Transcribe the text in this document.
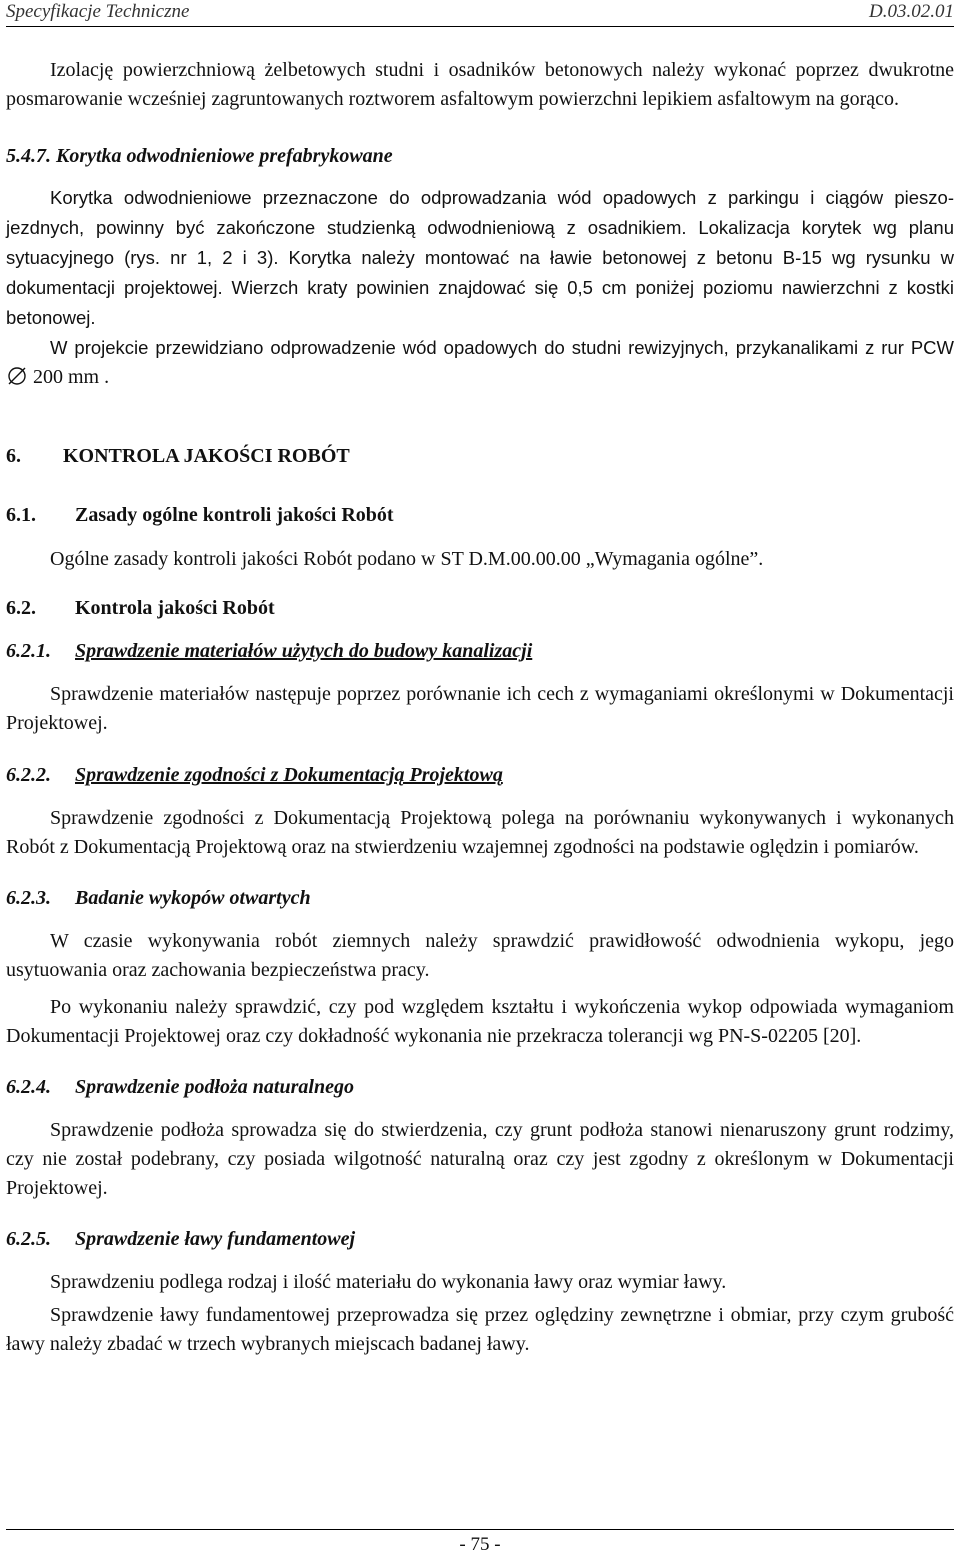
Specyfikacje Techniczne	D.03.02.01

Izolację powierzchniową żelbetowych studni i osadników betonowych należy wykonać poprzez dwukrotne posmarowanie wcześniej zagruntowanych roztworem asfaltowym powierzchni lepikiem asfaltowym na gorąco.

5.4.7. Korytka odwodnieniowe prefabrykowane

Korytka odwodnieniowe przeznaczone do odprowadzania wód opadowych z parkingu i ciągów pieszo-jezdnych, powinny być zakończone studzienką odwodnieniową z osadnikiem. Lokalizacja korytek wg planu sytuacyjnego (rys. nr 1, 2 i 3). Korytka należy montować na ławie betonowej z betonu B-15 wg rysunku w dokumentacji projektowej. Wierzch kraty powinien znajdować się 0,5 cm poniżej poziomu nawierzchni z kostki betonowej.

W projekcie przewidziano odprowadzenie wód opadowych do studni rewizyjnych, przykanalikami z rur PCW  200 mm .

6. KONTROLA JAKOŚCI ROBÓT

6.1. Zasady ogólne kontroli jakości Robót

Ogólne zasady kontroli jakości Robót podano w ST D.M.00.00.00 „Wymagania ogólne”.

6.2. Kontrola jakości Robót

6.2.1. Sprawdzenie materiałów użytych do budowy kanalizacji

Sprawdzenie materiałów następuje poprzez porównanie ich cech z wymaganiami określonymi w Dokumentacji Projektowej.

6.2.2. Sprawdzenie zgodności z Dokumentacją Projektową

Sprawdzenie zgodności z Dokumentacją Projektową polega na porównaniu wykonywanych i wykonanych Robót z Dokumentacją Projektową oraz na stwierdzeniu wzajemnej zgodności na podstawie oględzin i pomiarów.

6.2.3. Badanie wykopów otwartych

W czasie wykonywania robót ziemnych należy sprawdzić prawidłowość odwodnienia wykopu, jego usytuowania oraz zachowania bezpieczeństwa pracy.

Po wykonaniu należy sprawdzić, czy pod względem kształtu i wykończenia wykop odpowiada wymaganiom Dokumentacji Projektowej oraz czy dokładność wykonania nie przekracza tolerancji wg PN-S-02205 [20].

6.2.4. Sprawdzenie podłoża naturalnego

Sprawdzenie podłoża sprowadza się do stwierdzenia, czy grunt podłoża stanowi nienaruszony grunt rodzimy, czy nie został podebrany, czy posiada wilgotność naturalną oraz czy jest zgodny z określonym w Dokumentacji Projektowej.

6.2.5. Sprawdzenie ławy fundamentowej

Sprawdzeniu podlega rodzaj i ilość materiału do wykonania ławy oraz wymiar ławy.

Sprawdzenie ławy fundamentowej przeprowadza się przez oględziny zewnętrzne i obmiar, przy czym grubość ławy należy zbadać w trzech wybranych miejscach badanej ławy.

- 75 -
